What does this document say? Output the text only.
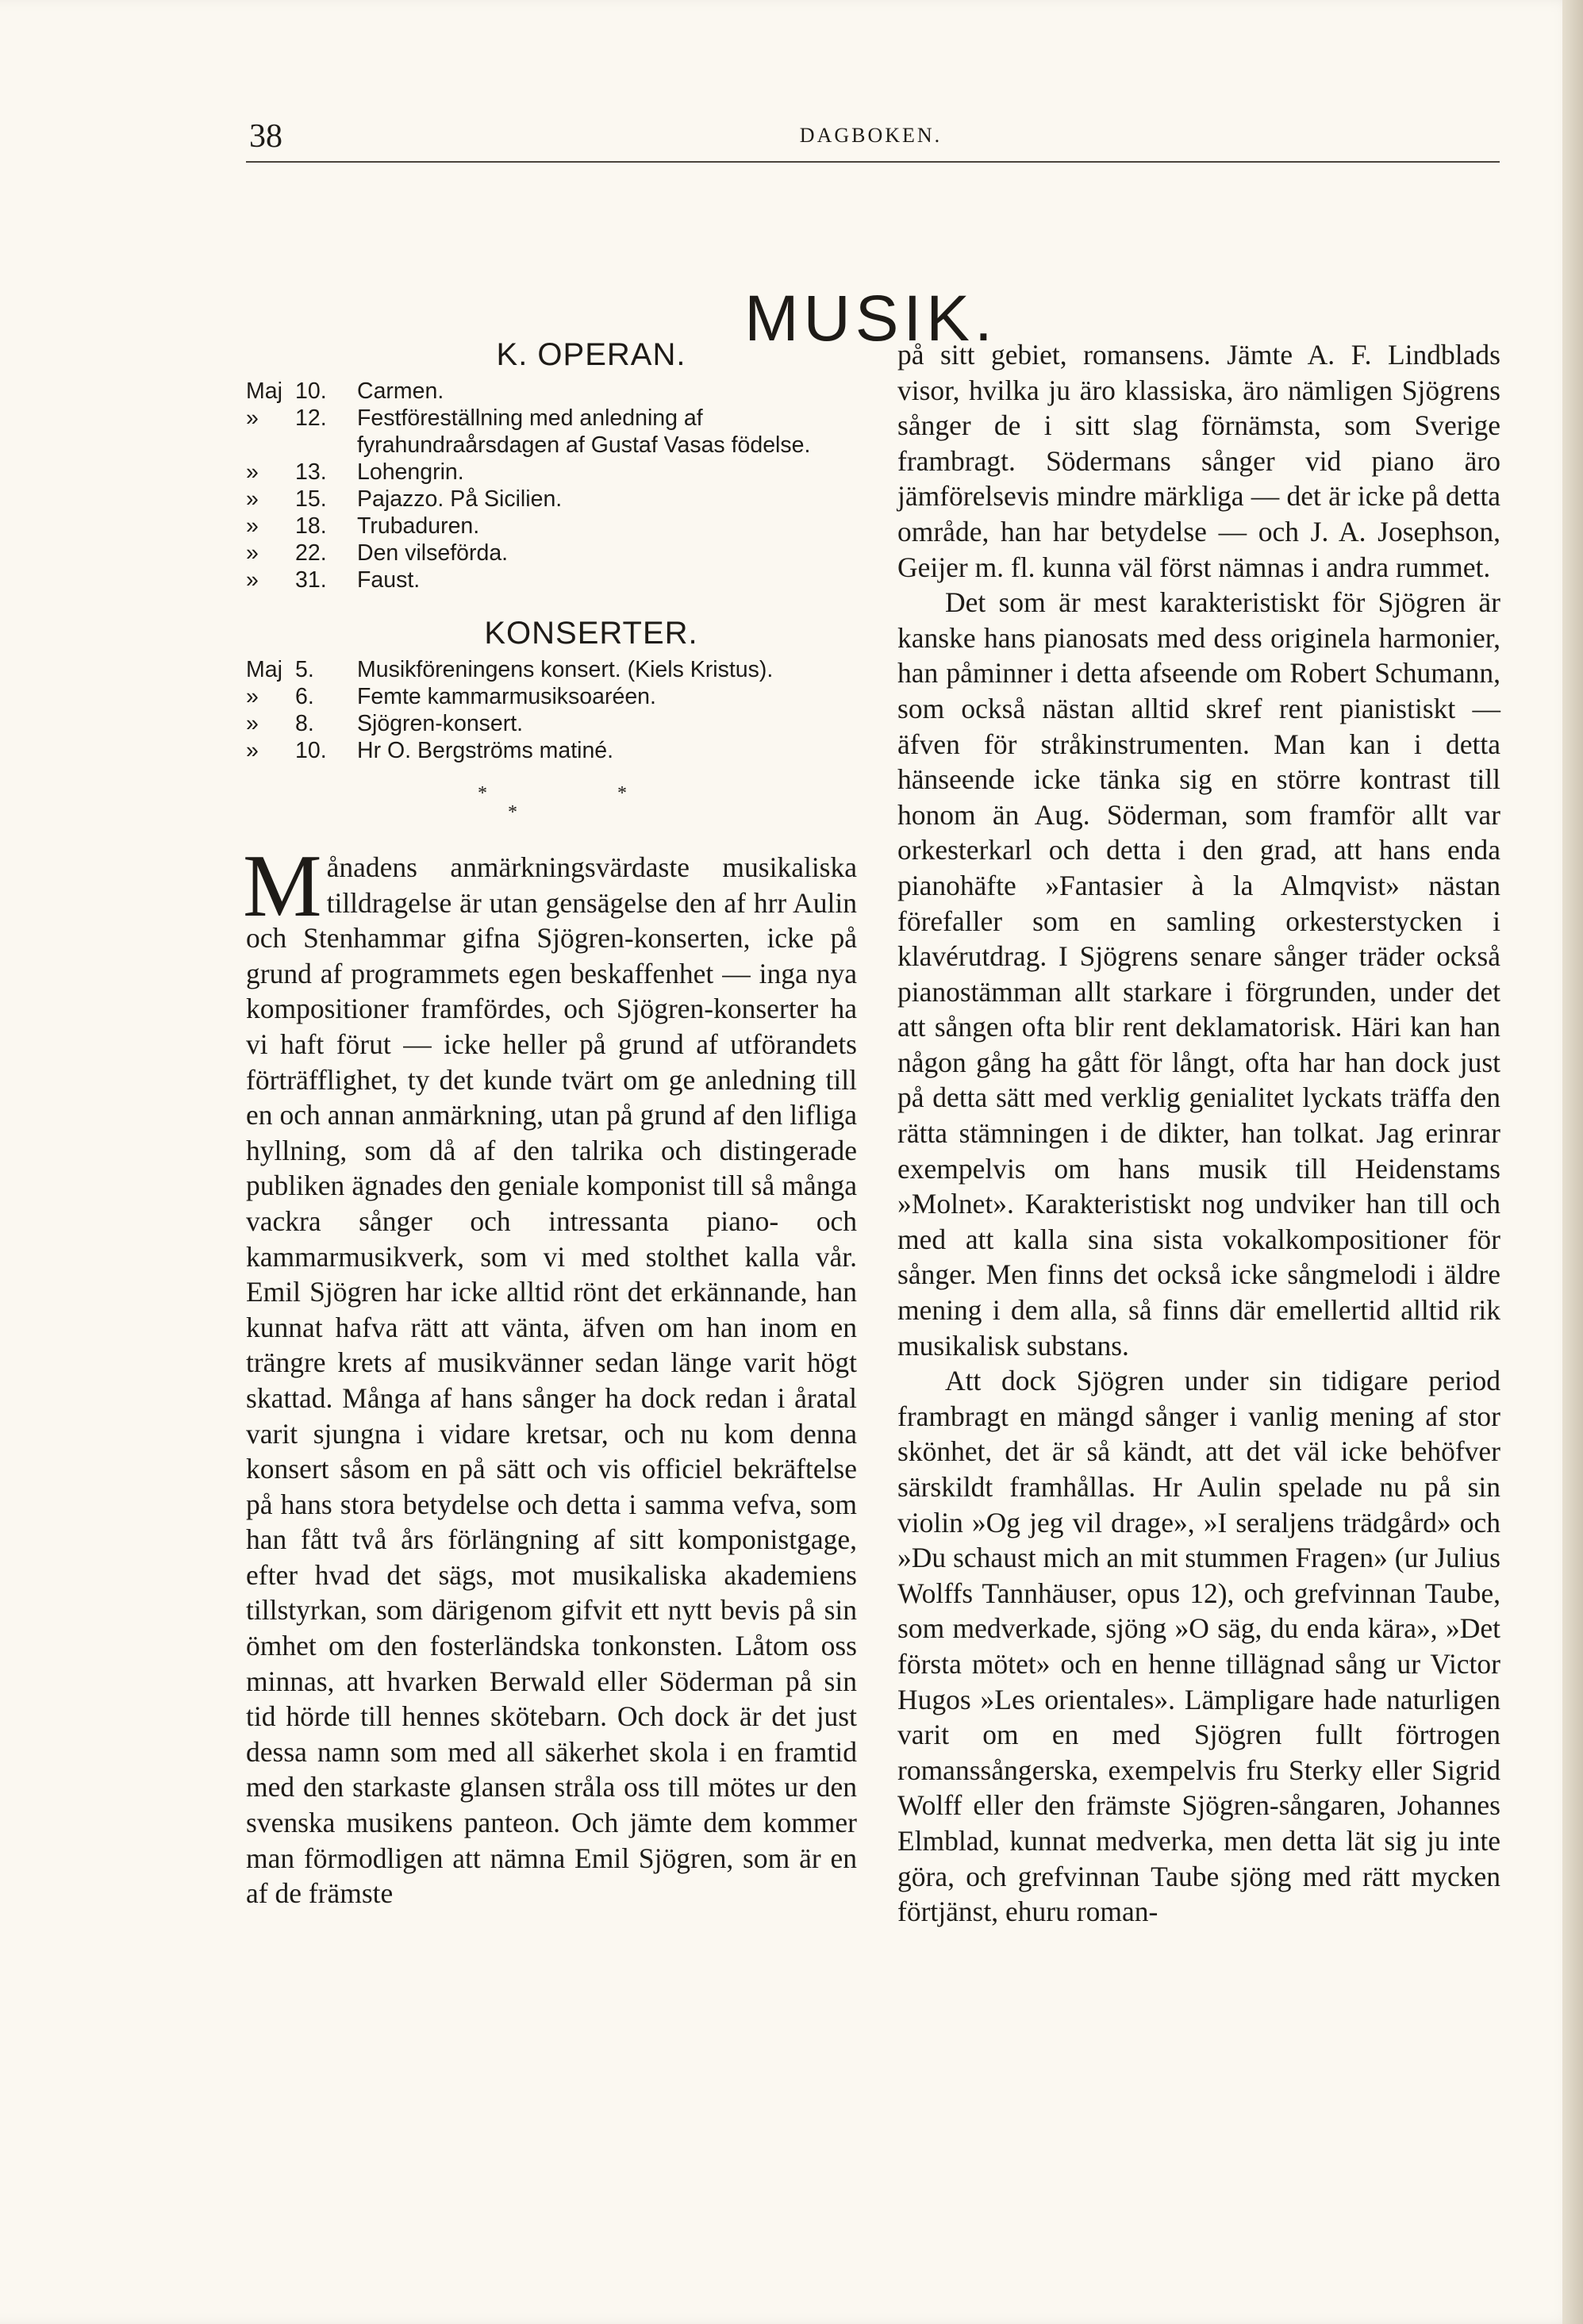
38	DAGBOKEN.
MUSIK.
K. OPERAN.
Maj 10.	Carmen.
»	12.	Festföreställning med anledning af fyrahundraårsdagen af Gustaf Vasas födelse.
»	13.	Lohengrin.
»	15.	Pajazzo. På Sicilien.
»	18.	Trubaduren.
»	22.	Den vilseförda.
»	31.	Faust.
KONSERTER.
Maj 5.	Musikföreningens konsert. (Kiels Kristus).
»	6.	Femte kammarmusiksoaréen.
»	8.	Sjögren-konsert.
»	10.	Hr O. Bergströms matiné.
*
*
*

Månadens anmärkningsvärdaste musikaliska tilldragelse är utan gensägelse den af hrr Aulin och Stenhammar gifna Sjögren-konserten, icke på grund af programmets egen beskaffenhet — inga nya kompositioner framfördes, och Sjögren-konserter ha vi haft förut — icke heller på grund af utförandets förträfflighet, ty det kunde tvärt om ge anledning till en och annan anmärkning, utan på grund af den lifliga hyllning, som då af den talrika och distingerade publiken ägnades den geniale komponist till så många vackra sånger och intressanta piano- och kammarmusikverk, som vi med stolthet kalla vår. Emil Sjögren har icke alltid rönt det erkännande, han kunnat hafva rätt att vänta, äfven om han inom en trängre krets af musikvänner sedan länge varit högt skattad. Många af hans sånger ha dock redan i åratal varit sjungna i vidare kretsar, och nu kom denna konsert såsom en på sätt och vis officiel bekräftelse på hans stora betydelse och detta i samma vefva, som han fått två års förlängning af sitt komponistgage, efter hvad det sägs, mot musikaliska akademiens tillstyrkan, som därigenom gifvit ett nytt bevis på sin ömhet om den fosterländska tonkonsten. Låtom oss minnas, att hvarken Berwald eller Söderman på sin tid hörde till hennes skötebarn. Och dock är det just dessa namn som med all säkerhet skola i en framtid med den starkaste glansen stråla oss till mötes ur den svenska musikens panteon. Och jämte dem kommer man förmodligen att nämna Emil Sjögren, som är en af de främste

på sitt gebiet, romansens. Jämte A. F. Lindblads visor, hvilka ju äro klassiska, äro nämligen Sjögrens sånger de i sitt slag förnämsta, som Sverige frambragt. Södermans sånger vid piano äro jämförelsevis mindre märkliga — det är icke på detta område, han har betydelse — och J. A. Josephson, Geijer m. fl. kunna väl först nämnas i andra rummet.

Det som är mest karakteristiskt för Sjögren är kanske hans pianosats med dess originela harmonier, han påminner i detta afseende om Robert Schumann, som också nästan alltid skref rent pianistiskt — äfven för stråkinstrumenten. Man kan i detta hänseende icke tänka sig en större kontrast till honom än Aug. Söderman, som framför allt var orkesterkarl och detta i den grad, att hans enda pianohäfte »Fantasier à la Almqvist» nästan förefaller som en samling orkesterstycken i klavérutdrag. I Sjögrens senare sånger träder också pianostämman allt starkare i förgrunden, under det att sången ofta blir rent deklamatorisk. Häri kan han någon gång ha gått för långt, ofta har han dock just på detta sätt med verklig genialitet lyckats träffa den rätta stämningen i de dikter, han tolkat. Jag erinrar exempelvis om hans musik till Heidenstams »Molnet». Karakteristiskt nog undviker han till och med att kalla sina sista vokalkompositioner för sånger. Men finns det också icke sångmelodi i äldre mening i dem alla, så finns där emellertid alltid rik musikalisk substans.

Att dock Sjögren under sin tidigare period frambragt en mängd sånger i vanlig mening af stor skönhet, det är så kändt, att det väl icke behöfver särskildt framhållas. Hr Aulin spelade nu på sin violin »Og jeg vil drage», »I seraljens trädgård» och »Du schaust mich an mit stummen Fragen» (ur Julius Wolffs Tannhäuser, opus 12), och grefvinnan Taube, som medverkade, sjöng »O säg, du enda kära», »Det första mötet» och en henne tillägnad sång ur Victor Hugos »Les orientales». Lämpligare hade naturligen varit om en med Sjögren fullt förtrogen romanssångerska, exempelvis fru Sterky eller Sigrid Wolff eller den främste Sjögren-sångaren, Johannes Elmblad, kunnat medverka, men detta lät sig ju inte göra, och grefvinnan Taube sjöng med rätt mycken förtjänst, ehuru roman-
